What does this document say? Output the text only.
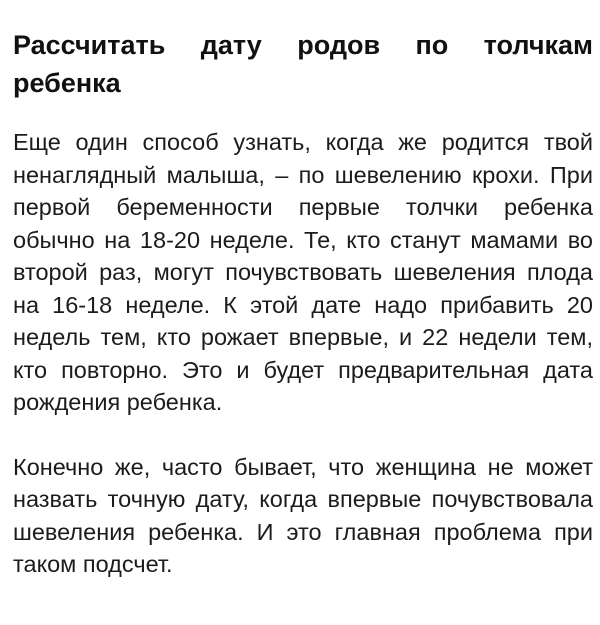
Рассчитать дату родов по толчкам ребенка

Еще один способ узнать, когда же родится твой ненаглядный малыша, – по шевелению крохи. При первой беременности первые толчки ребенка обычно на 18-20 неделе. Те, кто станут мамами во второй раз, могут почувствовать шевеления плода на 16-18 неделе. К этой дате надо прибавить 20 недель тем, кто рожает впервые, и 22 недели тем, кто повторно. Это и будет предварительная дата рождения ребенка.

Конечно же, часто бывает, что женщина не может назвать точную дату, когда впервые почувствовала шевеления ребенка. И это главная проблема при таком подсчет.
